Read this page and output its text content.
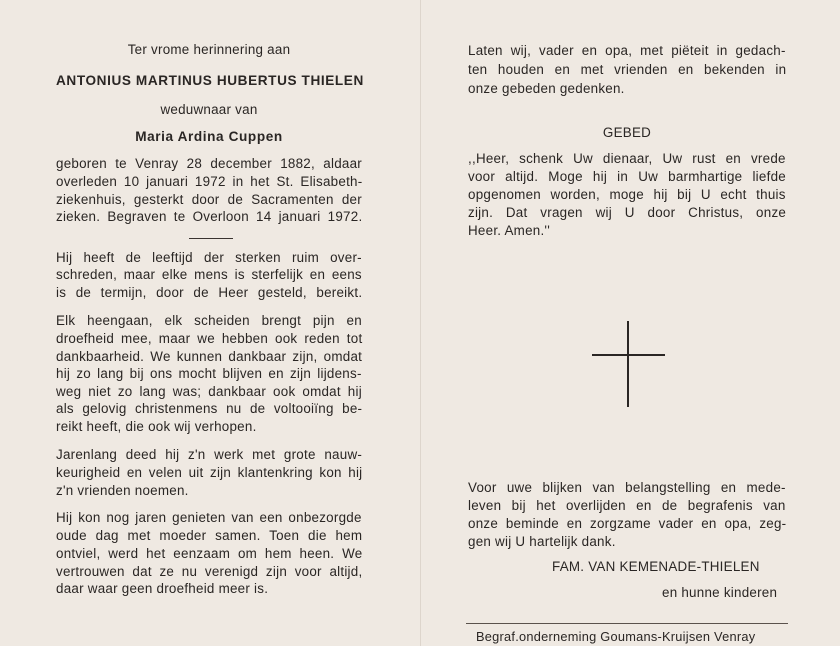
Ter vrome herinnering aan
ANTONIUS MARTINUS HUBERTUS THIELEN
weduwnaar van
Maria Ardina Cuppen
geboren te Venray 28 december 1882, aldaar
overleden 10 januari 1972 in het St. Elisabeth-
ziekenhuis, gesterkt door de Sacramenten der
zieken. Begraven te Overloon 14 januari 1972.
Hij heeft de leeftijd der sterken ruim over-
schreden, maar elke mens is sterfelijk en eens
is de termijn, door de Heer gesteld, bereikt.
Elk heengaan, elk scheiden brengt pijn en
droefheid mee, maar we hebben ook reden tot
dankbaarheid. We kunnen dankbaar zijn, omdat
hij zo lang bij ons mocht blijven en zijn lijdens-
weg niet zo lang was; dankbaar ook omdat hij
als gelovig christenmens nu de voltooiïng be-
reikt heeft, die ook wij verhopen.
Jarenlang deed hij z'n werk met grote nauw-
keurigheid en velen uit zijn klantenkring kon hij
z'n vrienden noemen.
Hij kon nog jaren genieten van een onbezorgde
oude dag met moeder samen. Toen die hem
ontviel, werd het eenzaam om hem heen. We
vertrouwen dat ze nu verenigd zijn voor altijd,
daar waar geen droefheid meer is.
Laten wij, vader en opa, met piëteit in gedach-
ten houden en met vrienden en bekenden in
onze gebeden gedenken.
GEBED
,,Heer, schenk Uw dienaar, Uw rust en vrede
voor altijd. Moge hij in Uw barmhartige liefde
opgenomen worden, moge hij bij U echt thuis
zijn. Dat vragen wij U door Christus, onze
Heer. Amen.''
Voor uwe blijken van belangstelling en mede-
leven bij het overlijden en de begrafenis van
onze beminde en zorgzame vader en opa, zeg-
gen wij U hartelijk dank.
FAM. VAN KEMENADE-THIELEN
en hunne kinderen
Begraf.onderneming Goumans-Kruijsen Venray
